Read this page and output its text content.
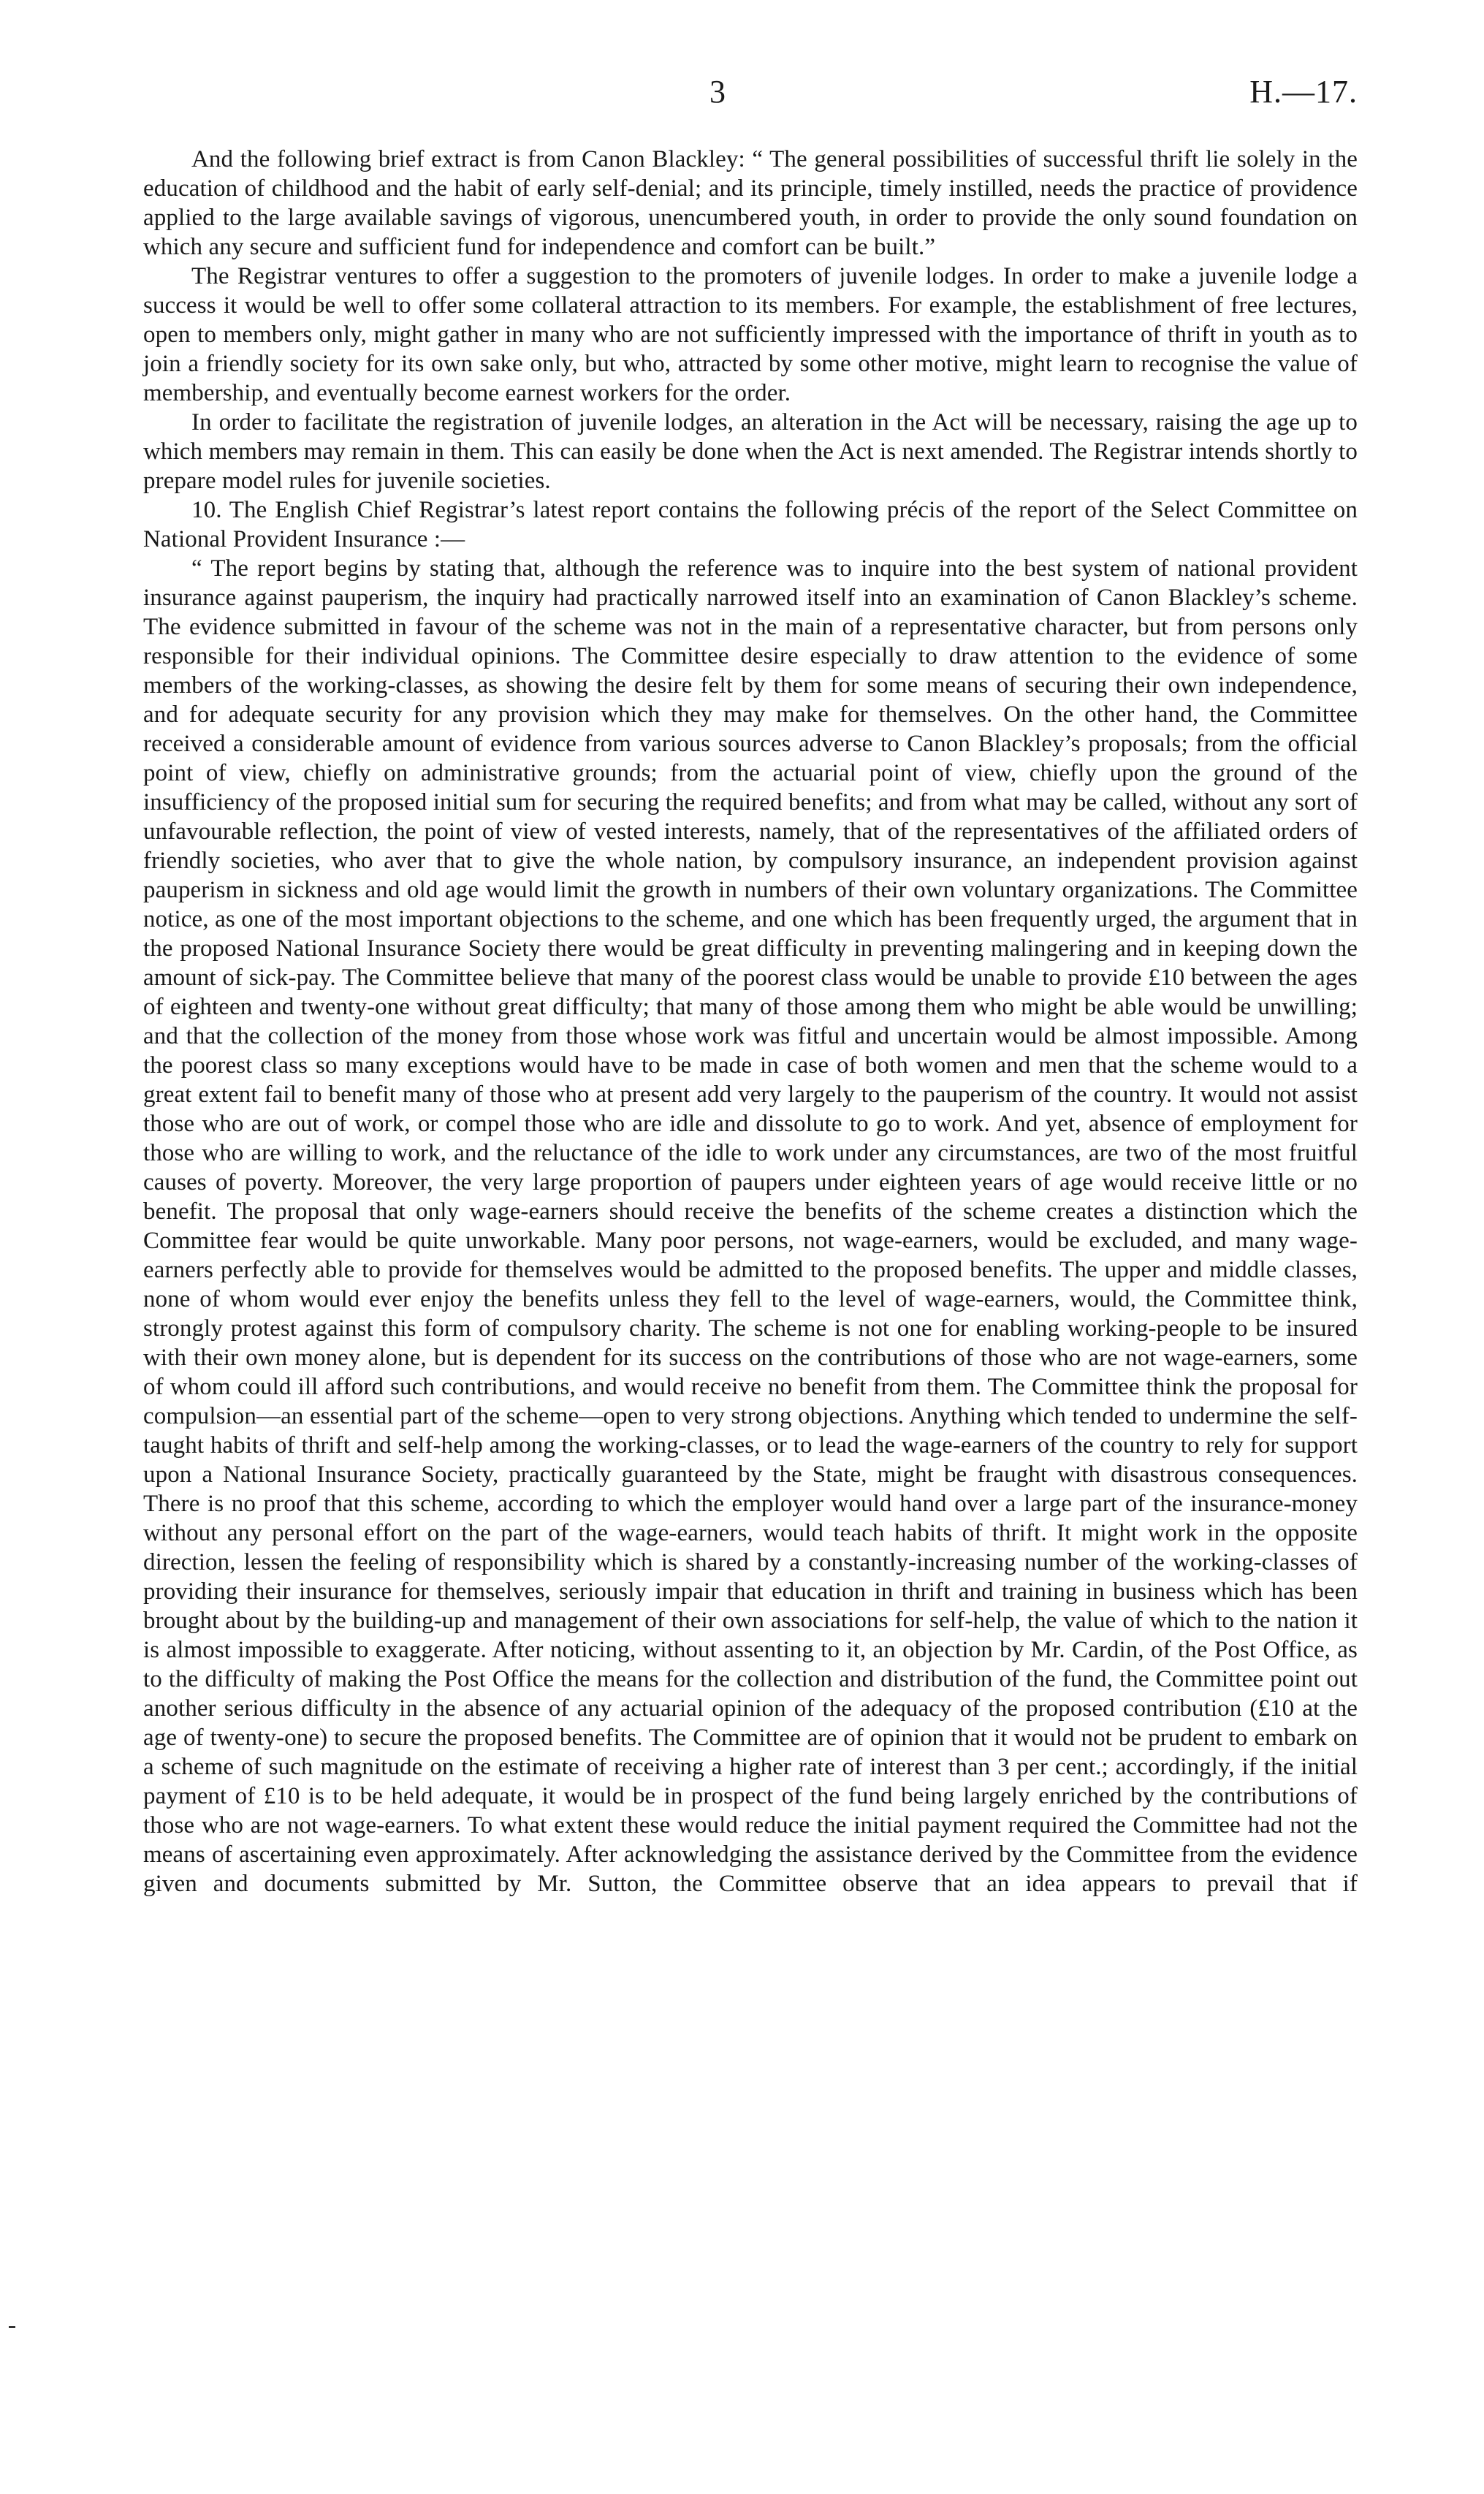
3	H.—17.

And the following brief extract is from Canon Blackley: “ The general possibilities of successful thrift lie solely in the education of childhood and the habit of early self-denial; and its principle, timely instilled, needs the practice of providence applied to the large available savings of vigorous, unencumbered youth, in order to provide the only sound foundation on which any secure and sufficient fund for independence and comfort can be built.”

The Registrar ventures to offer a suggestion to the promoters of juvenile lodges. In order to make a juvenile lodge a success it would be well to offer some collateral attraction to its members. For example, the establishment of free lectures, open to members only, might gather in many who are not sufficiently impressed with the importance of thrift in youth as to join a friendly society for its own sake only, but who, attracted by some other motive, might learn to recognise the value of membership, and eventually become earnest workers for the order.

In order to facilitate the registration of juvenile lodges, an alteration in the Act will be necessary, raising the age up to which members may remain in them. This can easily be done when the Act is next amended. The Registrar intends shortly to prepare model rules for juvenile societies.

10. The English Chief Registrar’s latest report contains the following précis of the report of the Select Committee on National Provident Insurance :—

“ The report begins by stating that, although the reference was to inquire into the best system of national provident insurance against pauperism, the inquiry had practically narrowed itself into an examination of Canon Blackley’s scheme. The evidence submitted in favour of the scheme was not in the main of a representative character, but from persons only responsible for their individual opinions. The Committee desire especially to draw attention to the evidence of some members of the working-classes, as showing the desire felt by them for some means of securing their own independence, and for adequate security for any provision which they may make for themselves. On the other hand, the Committee received a considerable amount of evidence from various sources adverse to Canon Blackley’s proposals; from the official point of view, chiefly on administrative grounds; from the actuarial point of view, chiefly upon the ground of the insufficiency of the proposed initial sum for securing the required benefits; and from what may be called, without any sort of unfavourable reflection, the point of view of vested interests, namely, that of the representatives of the affiliated orders of friendly societies, who aver that to give the whole nation, by compulsory insurance, an independent provision against pauperism in sickness and old age would limit the growth in numbers of their own voluntary organizations. The Committee notice, as one of the most important objections to the scheme, and one which has been frequently urged, the argument that in the proposed National Insurance Society there would be great difficulty in preventing malingering and in keeping down the amount of sick-pay. The Committee believe that many of the poorest class would be unable to provide £10 between the ages of eighteen and twenty-one without great difficulty; that many of those among them who might be able would be unwilling; and that the collection of the money from those whose work was fitful and uncertain would be almost impossible. Among the poorest class so many exceptions would have to be made in case of both women and men that the scheme would to a great extent fail to benefit many of those who at present add very largely to the pauperism of the country. It would not assist those who are out of work, or compel those who are idle and dissolute to go to work. And yet, absence of employment for those who are willing to work, and the reluctance of the idle to work under any circumstances, are two of the most fruitful causes of poverty. Moreover, the very large proportion of paupers under eighteen years of age would receive little or no benefit. The proposal that only wage-earners should receive the benefits of the scheme creates a distinction which the Committee fear would be quite unworkable. Many poor persons, not wage-earners, would be excluded, and many wage-earners perfectly able to provide for themselves would be admitted to the proposed benefits. The upper and middle classes, none of whom would ever enjoy the benefits unless they fell to the level of wage-earners, would, the Committee think, strongly protest against this form of compulsory charity. The scheme is not one for enabling working-people to be insured with their own money alone, but is dependent for its success on the contributions of those who are not wage-earners, some of whom could ill afford such contributions, and would receive no benefit from them. The Committee think the proposal for compulsion—an essential part of the scheme—open to very strong objections. Anything which tended to undermine the self-taught habits of thrift and self-help among the working-classes, or to lead the wage-earners of the country to rely for support upon a National Insurance Society, practically guaranteed by the State, might be fraught with disastrous consequences. There is no proof that this scheme, according to which the employer would hand over a large part of the insurance-money without any personal effort on the part of the wage-earners, would teach habits of thrift. It might work in the opposite direction, lessen the feeling of responsibility which is shared by a constantly-increasing number of the working-classes of providing their insurance for themselves, seriously impair that education in thrift and training in business which has been brought about by the building-up and management of their own associations for self-help, the value of which to the nation it is almost impossible to exaggerate. After noticing, without assenting to it, an objection by Mr. Cardin, of the Post Office, as to the difficulty of making the Post Office the means for the collection and distribution of the fund, the Committee point out another serious difficulty in the absence of any actuarial opinion of the adequacy of the proposed contribution (£10 at the age of twenty-one) to secure the proposed benefits. The Committee are of opinion that it would not be prudent to embark on a scheme of such magnitude on the estimate of receiving a higher rate of interest than 3 per cent.; accordingly, if the initial payment of £10 is to be held adequate, it would be in prospect of the fund being largely enriched by the contributions of those who are not wage-earners. To what extent these would reduce the initial payment required the Committee had not the means of ascertaining even approximately. After acknowledging the assistance derived by the Committee from the evidence given and documents submitted by Mr. Sutton, the Committee observe that an idea appears to prevail that if
